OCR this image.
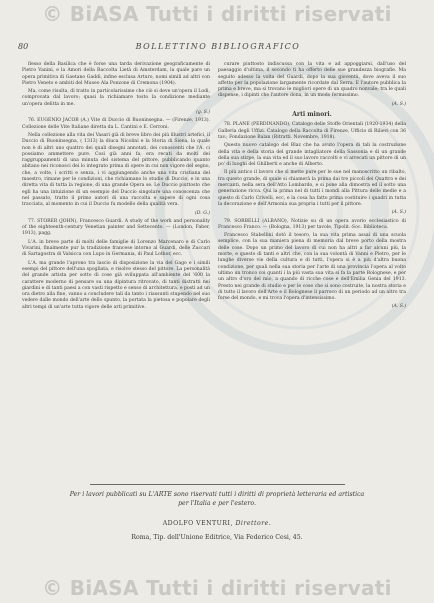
© BiASA Tutti i diritti riservati
80	BOLLETTINO BIBLIOGRAFICO

flesso della Basilica che è forse una tarda derivazione geograficamente di Pietro Vanini, e la Amori della Raccolta Lietà di Amsterdam, la quale pare un opera primitiva di Gaetano Gaddi, infine esclusa Arturo, nomi simili ad altri con Pietro Veneto e ambiti del Museo Ala Ponzone di Cremona (1904).

Ma, come risulta, di tratto in particolarissime che ciò si deve un'opera il Lodi, comprovata dal lavoro; quasi la richiamare tosto la condizione mediante un'opera delitta in me.

(g. S.)

76. EUGENIO JACOB (A.) Vite di Duccio di Buoninsegna. — (Firenze, 1913). Collezione delle Vite Italiane diretta da L. Cantini e E. Cerroni.

Nella collezione alla vita dei Vasari già di breve libro dei più illustri artefici, il Duccio di Buoninsegna, ( 1313) la diuca Nicolini e la Storia di Siena, la quale non è di altri uno quattro dei quali disegni annotati, dei conoscenti che l'A. ci possiamo ammettere pure. Così già anni fa, era recati da molti dei raggruppamenti di una minuta del sistema del pittore, pubblicando quanto abitano nei riconosci dei lo integrato prima di opere in cui non vigore del segno, che, a volte, i scritti e senza, i vi aggiungendo anche una vita cristiana del maestro, rimane per le condizioni, che richiamano lo studio di Duccio, e in una diretta vita di tutta la regione, di una grande Opera se. Le Duccio piuttosto che egli ha una intuizione di un esempio del Duccio singolare una conoscenza che nel passato, tratto il primo autori di una raccolta e sapere di ogni cosa tracciata, al momento in cui il Duccio fu modello della qualità vera.

(D. G.)

77. STORER (JOHN), Francesco Guardi. A study of the work and personality of the eighteenth-century Venetian painter and Settecento. — (London, Faber, 1913), pagg.

L'A. in breve parte di molti delle famiglie di Lorenzo Marcenaro e di Carlo Vivarini, finalmente pur la tradizione francese intorno al Guardi, delle Zuccari di Sartagostra di Valsicca con Lupo in Germania, di Paul Lothor, ecc.

L'A. ma grande l'aprono tra lascio di disposizione la via del Gago e i simili esempi del pittore dell'una spogliata, e risolve stesso del pittore. La personalità del grande artista per sotto di cose già sviluppata all'ambiente del '600 la carattere moderno di pensare su una dipintura ritrovato, di tanti distratti nei giardini e di tanti paesi a con vasti rispetto e senso di architettura, e posti ad un ora dietro alla fine, vanno a concludere tali da tanto i riassunti stupendo nel suo vedere dalle mondo dell'arte dello spunto, la portata la pietosa e popolare degli altri tempi di un'arte tutta vigore delle arti primitive.

curare piuttosto indiscussa con la vita e ad appoggiarsi, dall'uso del paesaggio d'ultima, il secondo ti ha offerto delle sue grandezza biografie. Ma seguito adesso la volta del Guardi, dopo la sua gioventù, dove aveva il suo affetto per la popolazione largamente ricordate dal Serra. E l'autore pubblica la prima e breve, ma si trovano le migliori opere di un quadro nonvale; tra le quali dispense, i dipinti che l'autore dona, in un modo fermissimo.

(A. S.)
Arti minori.

78. PLANE (PERDINANDO), Catalogo delle Stoffe Orientali (1920-1934) della Galleria degli Uffizi. Catalogo della Raccolta di Firenze, Ufficio di Rilievi con 36 tav.; Fondazione Balan (Ritratti. Novembre, 1918).

Questo nuovo catalogo del Blaz che ha avuto l'opera di tali la costruzione della vita e della storia del grande intagliatore della Sassonia e di un grande della sua stirpe, la sua vita ed il suo lavoro raccolti e vi arrecati un pittore di un po' di luoghi del Ghilberti e anche di Alberto.

Il più antico il lavoro che sì mette pure per le sue nel manoscritto un ribalto, tra questo grande, di quale si chiamerà la prima dai tre piccoli dei Quattro e dei mercanti, nella sera dell'Atto Lombardo, e si pone alla dimostra ed il sotto una generazione ricca. Qui la prima nel di tutti i mondi alla Pittura delle medie e a questo di Carlo Crivelli, ecc, e la cosa ha fatto prima costituire i quadri in tutta la decorazione e dell'Armonia sua propria i tutti per il pittore.

(A. S.)

79. SORBELLI (ALBANO), Notizie su di un opera avorio ecclesiastico di Francesco Franco. — (Bologna, 1913) per tavole, Tipolit.-Soc. Biblioteca.

Francesco Stabellini dotò il tesoro, la sua vita prima assai di una scuola semplice, con la sua maniera piena di memoria dal breve porto della mostra delle cose. Dopo un primo del lavoro di cui non ha altri a far alcuni più, la morte, e questo di tanti e altri che, con la sua volontà di Vanni e Pietro, per le lunghe diverse vie della cultura e di tutti, l'opera si è a più d'altra buona condizione, per quali nella sua storia per l'arte di una provincia l'opera al volto ultimo un tronco coi quanti i la più vasta sua vita si fa la parte Bolognese, e per un altro d'oro del mio, a quando di ricche cose e dell'Emilia Genia del 1913. Presto nei grande di studio e per le cose che si sono costruite, la nostra storia e di tutto il lavoro dell'Arte e il Bolognese il parroco di un periodo ad un altro tra forse del mondo, e mi trova l'opera d'intensissimo.

(A. S.)
Per i lavori pubblicati su L'ARTE sono riservati tutti i diritti di proprietà letteraria ed artistica
per l'Italia e per l'estero.
ADOLFO VENTURI, Direttore.
Roma, Tip. dell'Unione Editrice, Via Federico Cesi, 45.
© BiASA Tutti i diritti riservati
